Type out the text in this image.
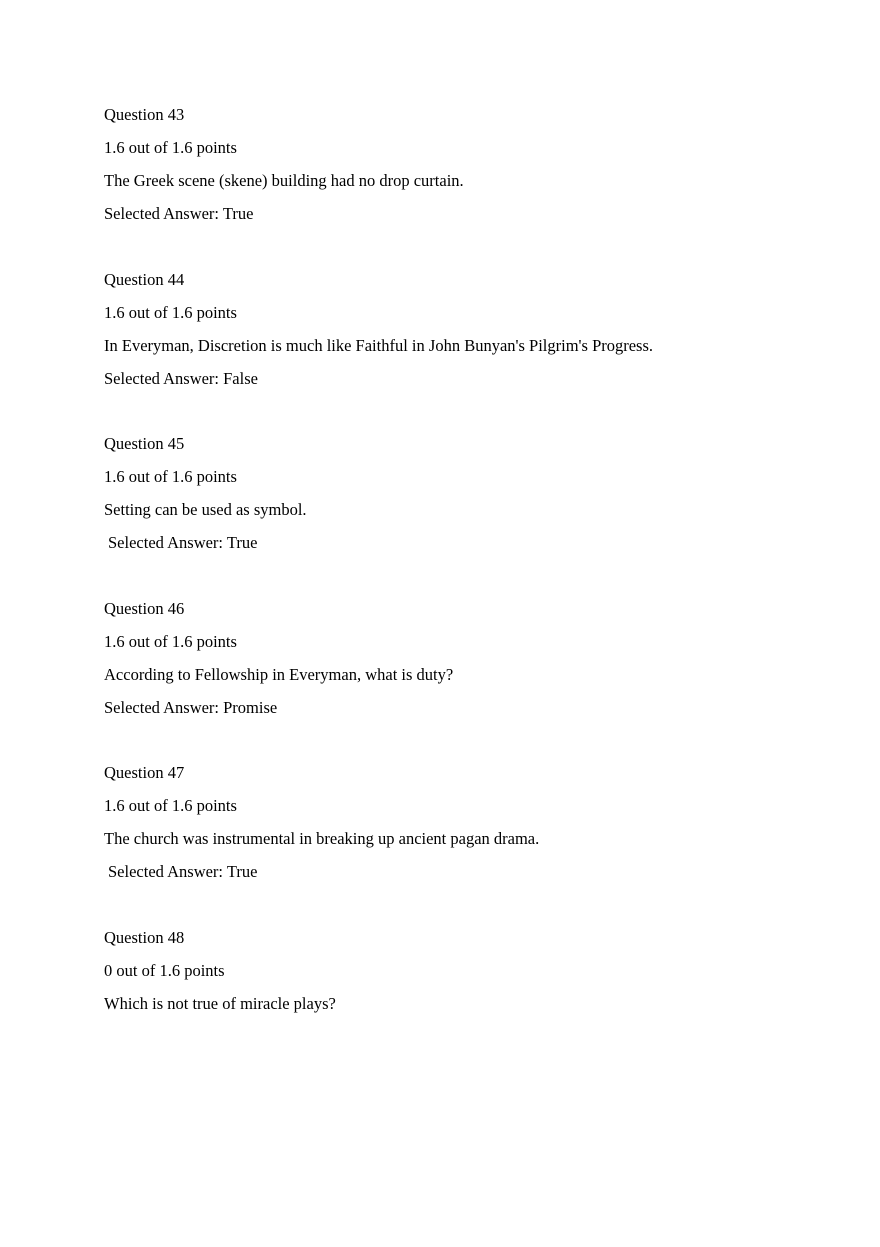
Question 43
1.6 out of 1.6 points
The Greek scene (skene) building had no drop curtain.
Selected Answer: True
Question 44
1.6 out of 1.6 points
In Everyman, Discretion is much like Faithful in John Bunyan's Pilgrim's Progress.
Selected Answer: False
Question 45
1.6 out of 1.6 points
Setting can be used as symbol.
Selected Answer: True
Question 46
1.6 out of 1.6 points
According to Fellowship in Everyman, what is duty?
Selected Answer: Promise
Question 47
1.6 out of 1.6 points
The church was instrumental in breaking up ancient pagan drama.
Selected Answer: True
Question 48
0 out of 1.6 points
Which is not true of miracle plays?
